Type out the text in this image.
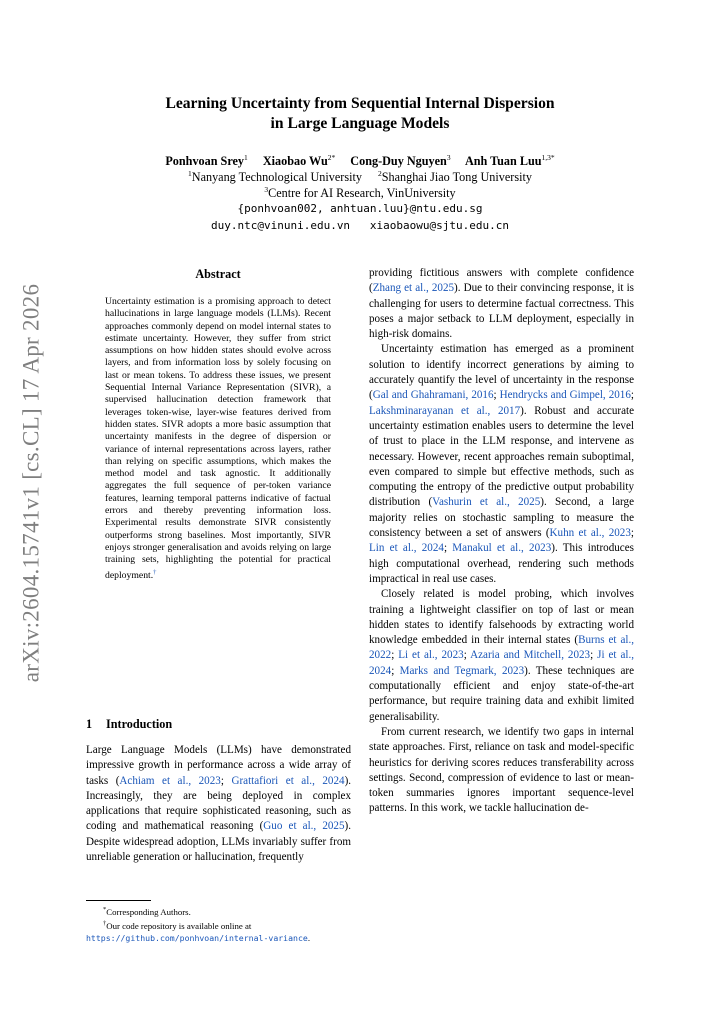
arXiv:2604.15741v1 [cs.CL] 17 Apr 2026
Learning Uncertainty from Sequential Internal Dispersion
in Large Language Models
Ponhvoan Srey$^1$ Xiaobao $Wu^{2*}$ Cong-Duy Nguyen$^3$ Anh Tuan Luu$^{1,3*}$
$^1$Nanyang Technological University $^2$Shanghai Jiao Tong University
$^3$Centre for AI Research, VinUniversity
{ponhvoan002, anhtuan.luu}@ntu.edu.sg
duy.ntc@vinuni.edu.vn   xiaobaowu@sjtu.edu.cn
Abstract
Uncertainty estimation is a promising approach to detect hallucinations in large language models (LLMs). Recent approaches commonly depend on model internal states to estimate uncertainty. However, they suffer from strict assumptions on how hidden states should evolve across layers, and from information loss by solely focusing on last or mean tokens. To address these issues, we present Sequential Internal Variance Representation (SIVR), a supervised hallucination detection framework that leverages token-wise, layer-wise features derived from hidden states. SIVR adopts a more basic assumption that uncertainty manifests in the degree of dispersion or variance of internal representations across layers, rather than relying on specific assumptions, which makes the method model and task agnostic. It additionally aggregates the full sequence of per-token variance features, learning temporal patterns indicative of factual errors and thereby preventing information loss. Experimental results demonstrate SIVR consistently outperforms strong baselines. Most importantly, SIVR enjoys stronger generalisation and avoids relying on large training sets, highlighting the potential for practical deployment.†
1 Introduction

Large Language Models (LLMs) have demonstrated impressive growth in performance across a wide array of tasks (Achiam et al., 2023; Grattafiori et al., 2024). Increasingly, they are being deployed in complex applications that require sophisticated reasoning, such as coding and mathematical reasoning (Guo et al., 2025). Despite widespread adoption, LLMs invariably suffer from unreliable generation or hallucination, frequently

*Corresponding Authors.

†Our code repository is available online at https://github.com/ponhvoan/internal-variance.

providing fictitious answers with complete confidence (Zhang et al., 2025). Due to their convincing response, it is challenging for users to determine factual correctness. This poses a major setback to LLM deployment, especially in high-risk domains.

Uncertainty estimation has emerged as a prominent solution to identify incorrect generations by aiming to accurately quantify the level of uncertainty in the response (Gal and Ghahramani, 2016; Hendrycks and Gimpel, 2016; Lakshminarayanan et al., 2017). Robust and accurate uncertainty estimation enables users to determine the level of trust to place in the LLM response, and intervene as necessary. However, recent approaches remain suboptimal, even compared to simple but effective methods, such as computing the entropy of the predictive output probability distribution (Vashurin et al., 2025). Second, a large majority relies on stochastic sampling to measure the consistency between a set of answers (Kuhn et al., 2023; Lin et al., 2024; Manakul et al., 2023). This introduces high computational overhead, rendering such methods impractical in real use cases.

Closely related is model probing, which involves training a lightweight classifier on top of last or mean hidden states to identify falsehoods by extracting world knowledge embedded in their internal states (Burns et al., 2022; Li et al., 2023; Azaria and Mitchell, 2023; Ji et al., 2024; Marks and Tegmark, 2023). These techniques are computationally efficient and enjoy state-of-the-art performance, but require training data and exhibit limited generalisability.

From current research, we identify two gaps in internal state approaches. First, reliance on task and model-specific heuristics for deriving scores reduces transferability across settings. Second, compression of evidence to last or mean-token summaries ignores important sequence-level patterns. In this work, we tackle hallucination de-
